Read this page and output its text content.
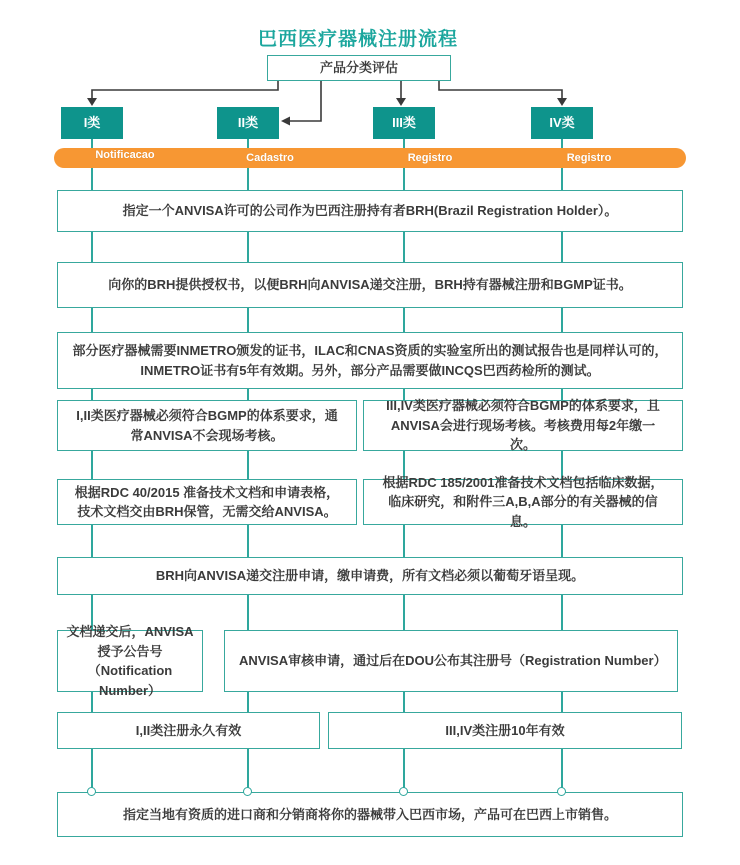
巴西医疗器械注册流程
产品分类评估
I类	II类	III类	IV类
Notificacao	Cadastro	Registro	Registro
指定一个ANVISA许可的公司作为巴西注册持有者BRH(Brazil Registration Holder）。
向你的BRH提供授权书，以便BRH向ANVISA递交注册，BRH持有器械注册和BGMP证书。
部分医疗器械需要INMETRO颁发的证书，ILAC和CNAS资质的实验室所出的测试报告也是同样认可的，INMETRO证书有5年有效期。另外，部分产品需要做INCQS巴西药检所的测试。
I,II类医疗器械必须符合BGMP的体系要求，通常ANVISA不会现场考核。
III,IV类医疗器械必须符合BGMP的体系要求，且ANVISA会进行现场考核。考核费用每2年缴一次。
根据RDC 40/2015 准备技术文档和申请表格，技术文档交由BRH保管，无需交给ANVISA。
根据RDC 185/2001准备技术文档包括临床数据，临床研究，和附件三A,B,A部分的有关器械的信息。
BRH向ANVISA递交注册申请，缴申请费，所有文档必须以葡萄牙语呈现。
文档递交后，ANVISA授予公告号（Notification Number）
ANVISA审核申请，通过后在DOU公布其注册号（Registration Number）
I,II类注册永久有效	III,IV类注册10年有效
指定当地有资质的进口商和分销商将你的器械带入巴西市场，产品可在巴西上市销售。
